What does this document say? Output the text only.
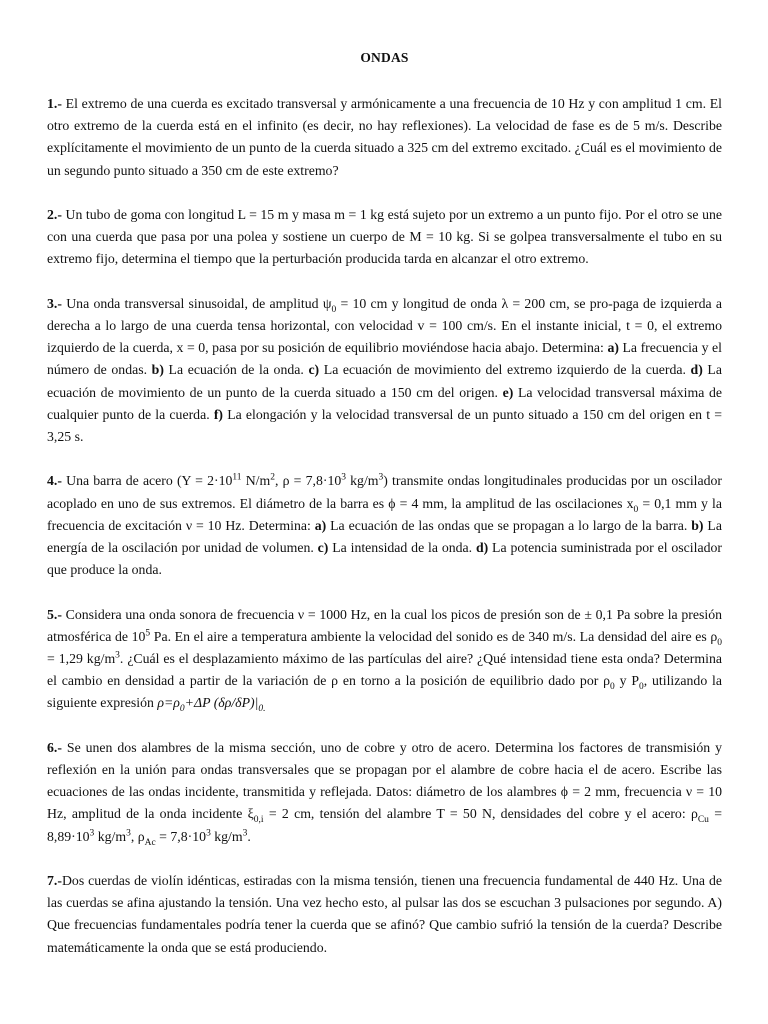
ONDAS

1.- El extremo de una cuerda es excitado transversal y armónicamente a una frecuencia de 10 Hz y con amplitud 1 cm. El otro extremo de la cuerda está en el infinito (es decir, no hay reflexiones). La velocidad de fase es de 5 m/s. Describe explícitamente el movimiento de un punto de la cuerda situado a 325 cm del extremo excitado. ¿Cuál es el movimiento de un segundo punto situado a 350 cm de este extremo?

2.- Un tubo de goma con longitud L = 15 m y masa m = 1 kg está sujeto por un extremo a un punto fijo. Por el otro se une con una cuerda que pasa por una polea y sostiene un cuerpo de M = 10 kg. Si se golpea transversalmente el tubo en su extremo fijo, determina el tiempo que la perturbación producida tarda en alcanzar el otro extremo.

3.- Una onda transversal sinusoidal, de amplitud $\psi_0 = 10$ cm y longitud de onda λ = 200 cm, se pro-paga de izquierda a derecha a lo largo de una cuerda tensa horizontal, con velocidad v = 100 cm/s. En el instante inicial, t = 0, el extremo izquierdo de la cuerda, x = 0, pasa por su posición de equilibrio moviéndose hacia abajo. Determina: a) La frecuencia y el número de ondas. b) La ecuación de la onda. c) La ecuación de movimiento del extremo izquierdo de la cuerda. d) La ecuación de movimiento de un punto de la cuerda situado a 150 cm del origen. e) La velocidad transversal máxima de cualquier punto de la cuerda. f) La elongación y la velocidad transversal de un punto situado a 150 cm del origen en t = 3,25 s.

4.- Una barra de acero ($Y = 2\cdot 10^{11}$ $N/m^2$, $\rho = 7,8\cdot 10^3$ $kg/m^3$) transmite ondas longitudinales producidas por un oscilador acoplado en uno de sus extremos. El diámetro de la barra es ϕ = 4 mm, la amplitud de las oscilaciones $x_0 = 0,1$ mm y la frecuencia de excitación ν = 10 Hz. Determina: a) La ecuación de las ondas que se propagan a lo largo de la barra. b) La energía de la oscilación por unidad de volumen. c) La intensidad de la onda. d) La potencia suministrada por el oscilador que produce la onda.

5.- Considera una onda sonora de frecuencia ν = 1000 Hz, en la cual los picos de presión son de ± 0,1 Pa sobre la presión atmosférica de $10^5$ Pa. En el aire a temperatura ambiente la velocidad del sonido es de 340 m/s. La densidad del aire es $\rho_0 = 1,29$ $kg/m^3$. ¿Cuál es el desplazamiento máximo de las partículas del aire? ¿Qué intensidad tiene esta onda? Determina el cambio en densidad a partir de la variación de ρ en torno a la posición de equilibrio dado por $\rho_0$ y $P_0$, utilizando la siguiente expresión $\rho=\rho_0+\Delta P$ $(\delta\rho/\delta P)|_{0.}$

6.- Se unen dos alambres de la misma sección, uno de cobre y otro de acero. Determina los factores de transmisión y reflexión en la unión para ondas transversales que se propagan por el alambre de cobre hacia el de acero. Escribe las ecuaciones de las ondas incidente, transmitida y reflejada. Datos: diámetro de los alambres ϕ = 2 mm, frecuencia ν = 10 Hz, amplitud de la onda incidente $\xi_{0,i} = 2$ cm, tensión del alambre T = 50 N, densidades del cobre y el acero: $\rho_{Cu} = 8,89\cdot 10^3$ $kg/m^3$, $\rho_{Ac} = 7,8\cdot 10^3$ $kg/m^3$.

7.-Dos cuerdas de violín idénticas, estiradas con la misma tensión, tienen una frecuencia fundamental de 440 Hz. Una de las cuerdas se afina ajustando la tensión. Una vez hecho esto, al pulsar las dos se escuchan 3 pulsaciones por segundo. A) Que frecuencias fundamentales podría tener la cuerda que se afinó? Que cambio sufrió la tensión de la cuerda? Describe matemáticamente la onda que se está produciendo.
